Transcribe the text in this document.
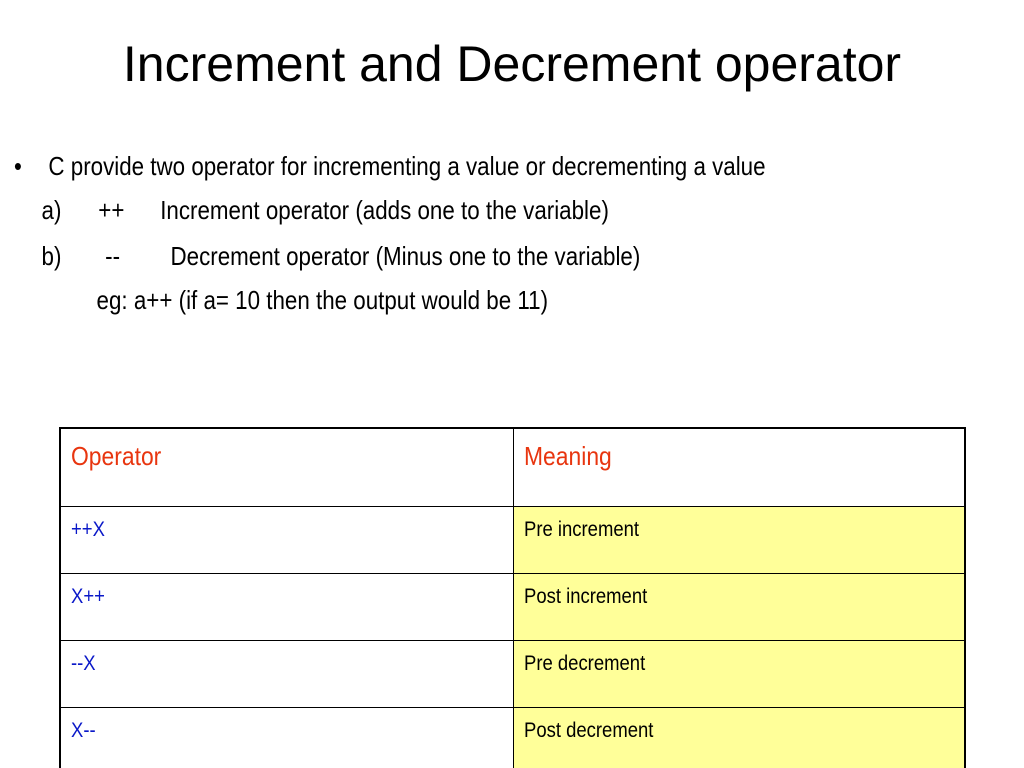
Increment and Decrement operator
• C provide two operator for incrementing a value or decrementing a value
a) ++ Increment operator (adds one to the variable)
b) -- Decrement operator (Minus one to the variable)
eg: a++ (if a= 10 then the output would be 11)
Operator	Meaning
++X	Pre increment
X++	Post increment
--X	Pre decrement
X--	Post decrement
